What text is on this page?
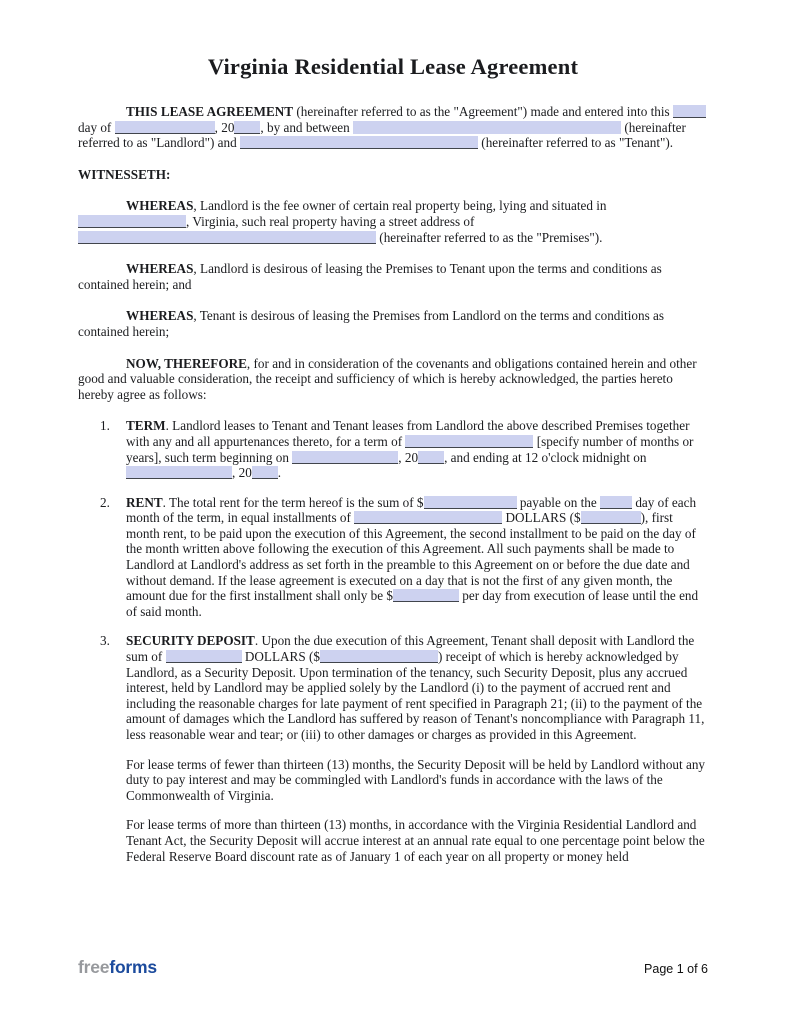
Virginia Residential Lease Agreement

THIS LEASE AGREEMENT (hereinafter referred to as the "Agreement") made and entered into this  day of	, 20 , by and between	(hereinafter referred to as "Landlord") and	(hereinafter referred to as "Tenant").

WITNESSETH:

WHEREAS, Landlord is the fee owner of certain real property being, lying and situated in , Virginia, such real property having a street address of  (hereinafter referred to as the "Premises").

WHEREAS, Landlord is desirous of leasing the Premises to Tenant upon the terms and conditions as contained herein; and

WHEREAS, Tenant is desirous of leasing the Premises from Landlord on the terms and conditions as contained herein;

NOW, THEREFORE, for and in consideration of the covenants and obligations contained herein and other good and valuable consideration, the receipt and sufficiency of which is hereby acknowledged, the parties hereto hereby agree as follows:

1. TERM. Landlord leases to Tenant and Tenant leases from Landlord the above described Premises together with any and all appurtenances thereto, for a term of	[specify number of months or years], such term beginning on	, 20 , and ending at 12 o'clock midnight on , 20 .
2. RENT. The total rent for the term hereof is the sum of $	payable on the  day of each month of the term, in equal installments of	DOLLARS ($	), first month rent, to be paid upon the execution of this Agreement, the second installment to be paid on the day of the month written above following the execution of this Agreement. All such payments shall be made to Landlord at Landlord's address as set forth in the preamble to this Agreement on or before the due date and without demand. If the lease agreement is executed on a day that is not the first of any given month, the amount due for the first installment shall only be $	per day from execution of lease until the end of said month.
3. SECURITY DEPOSIT. Upon the due execution of this Agreement, Tenant shall deposit with Landlord the sum of	DOLLARS ($	) receipt of which is hereby acknowledged by Landlord, as a Security Deposit. Upon termination of the tenancy, such Security Deposit, plus any accrued interest, held by Landlord may be applied solely by the Landlord (i) to the payment of accrued rent and including the reasonable charges for late payment of rent specified in Paragraph 21; (ii) to the payment of the amount of damages which the Landlord has suffered by reason of Tenant's noncompliance with Paragraph 11, less reasonable wear and tear; or (iii) to other damages or charges as provided in this Agreement.

For lease terms of fewer than thirteen (13) months, the Security Deposit will be held by Landlord without any duty to pay interest and may be commingled with Landlord's funds in accordance with the laws of the Commonwealth of Virginia.

For lease terms of more than thirteen (13) months, in accordance with the Virginia Residential Landlord and Tenant Act, the Security Deposit will accrue interest at an annual rate equal to one percentage point below the Federal Reserve Board discount rate as of January 1 of each year on all property or money held

freeforms	Page 1 of 6
